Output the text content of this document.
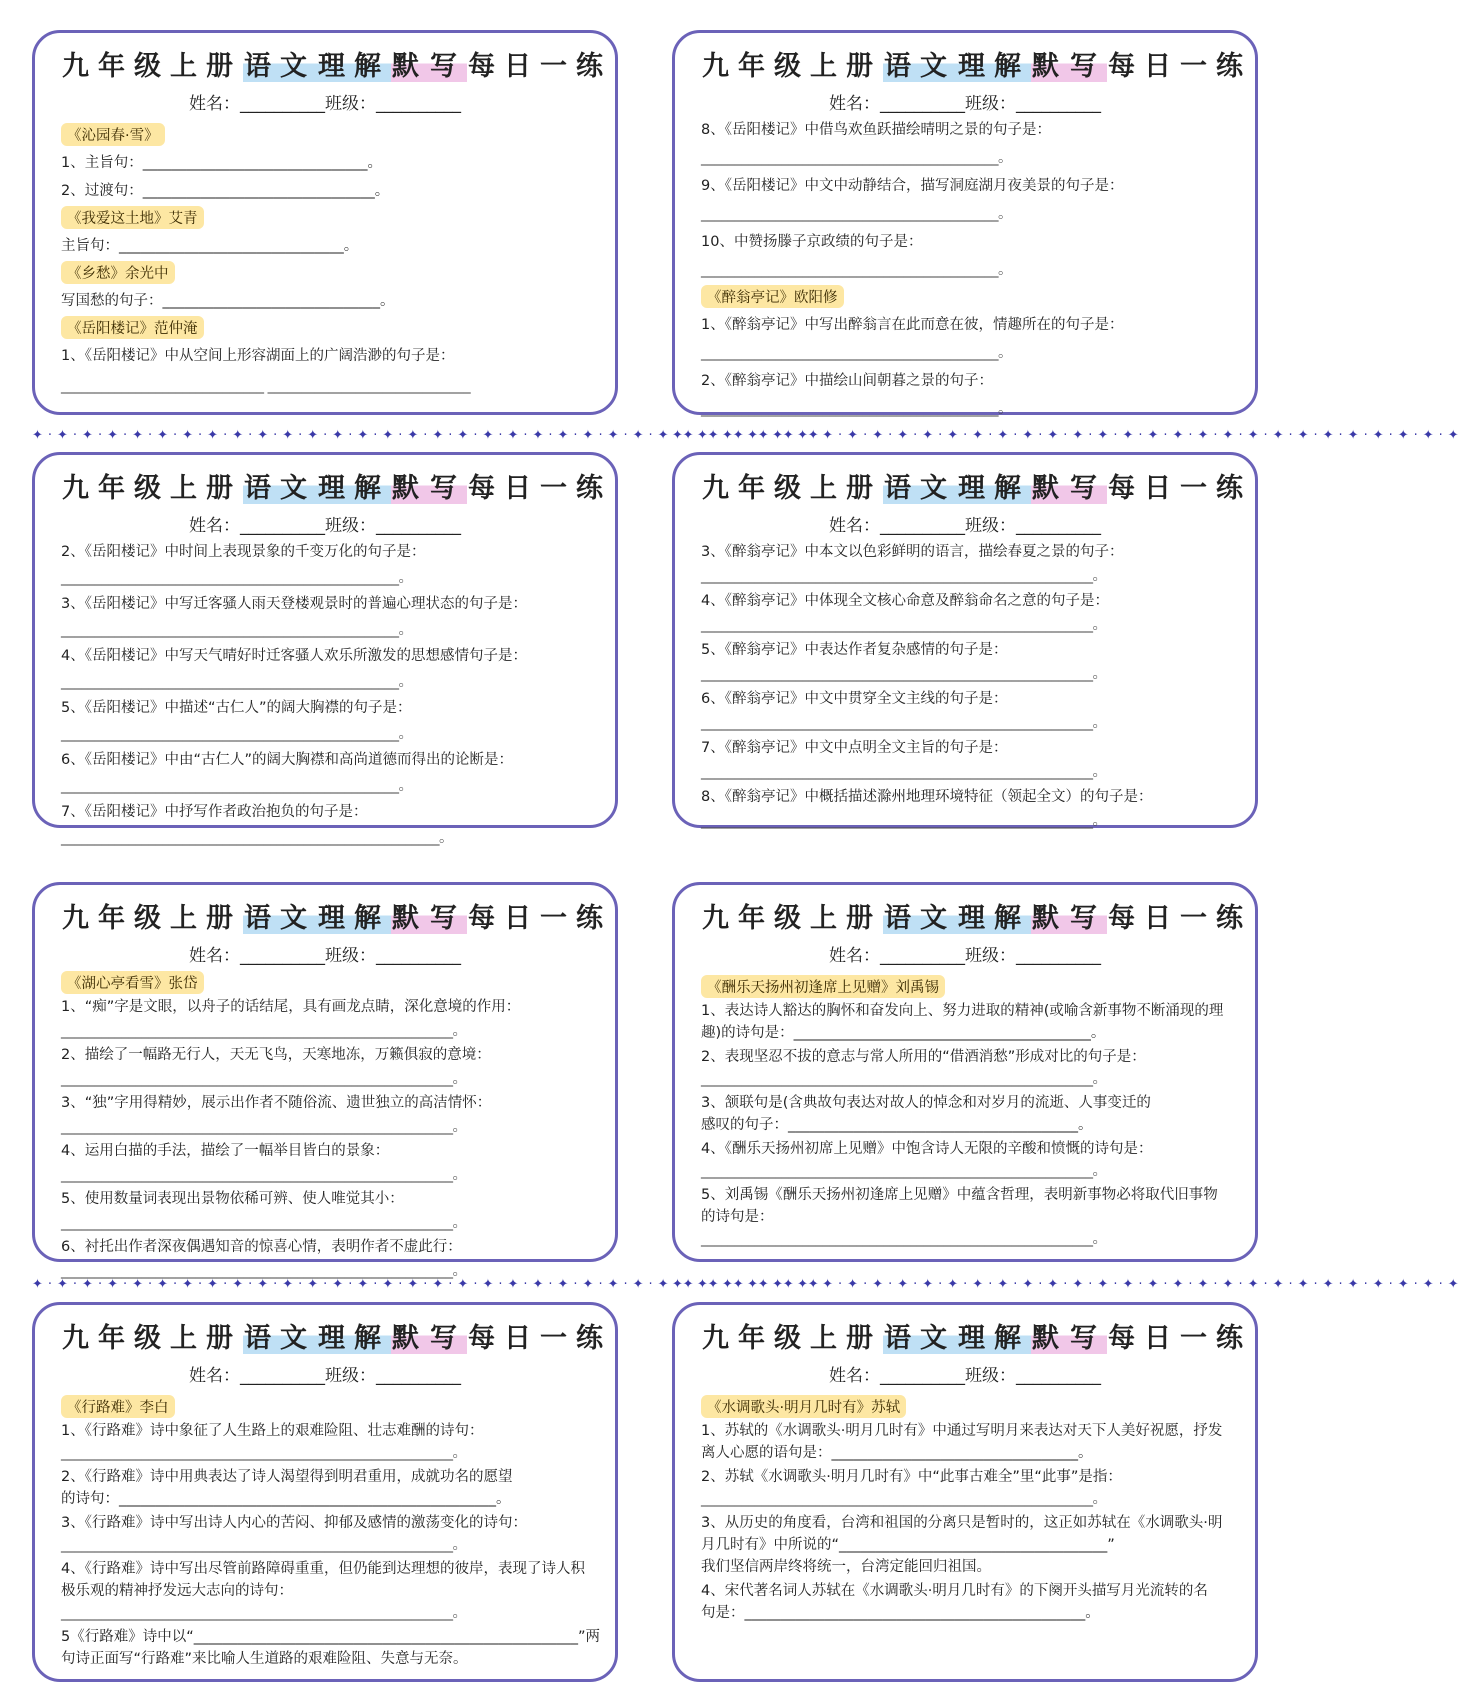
九年级上册语文理解默写每日一练
姓名：__________班级：__________
《沁园春·雪》
1、主旨句：_______________________________。
2、过渡句：________________________________。
《我爱这土地》艾青
主旨句：_______________________________。
《乡愁》余光中
写国愁的句子：______________________________。
《岳阳楼记》范仲淹
1、《岳阳楼记》中从空间上形容湖面上的广阔浩渺的句子是：
______________________________ ______________________________
九年级上册语文理解默写每日一练
姓名：__________班级：__________
8、《岳阳楼记》中借鸟欢鱼跃描绘晴明之景的句子是：
____________________________________________。
9、《岳阳楼记》中文中动静结合，描写洞庭湖月夜美景的句子是：
____________________________________________。
10、中赞扬滕子京政绩的句子是：
____________________________________________。
《醉翁亭记》欧阳修
1、《醉翁亭记》中写出醉翁言在此而意在彼，情趣所在的句子是：
____________________________________________。
2、《醉翁亭记》中描绘山间朝暮之景的句子：
____________________________________________。
✦·✦·✦·✦·✦·✦·✦·✦·✦·✦·✦·✦·✦·✦·✦·✦·✦·✦·✦·✦·✦·✦·✦·✦·✦·✦·✦·✦·✦·✦·✦·✦
✦·✦·✦·✦·✦·✦·✦·✦·✦·✦·✦·✦·✦·✦·✦·✦·✦·✦·✦·✦·✦·✦·✦·✦·✦·✦·✦·✦·✦·✦·✦·✦
九年级上册语文理解默写每日一练
姓名：__________班级：__________
2、《岳阳楼记》中时间上表现景象的千变万化的句子是：
__________________________________________________。
3、《岳阳楼记》中写迁客骚人雨天登楼观景时的普遍心理状态的句子是：
__________________________________________________。
4、《岳阳楼记》中写天气晴好时迁客骚人欢乐所激发的思想感情句子是：
__________________________________________________。
5、《岳阳楼记》中描述“古仁人”的阔大胸襟的句子是：
__________________________________________________。
6、《岳阳楼记》中由“古仁人”的阔大胸襟和高尚道德而得出的论断是：
__________________________________________________。
7、《岳阳楼记》中抒写作者政治抱负的句子是：
________________________________________________________。
九年级上册语文理解默写每日一练
姓名：__________班级：__________
3、《醉翁亭记》中本文以色彩鲜明的语言，描绘春夏之景的句子：
__________________________________________________________。
4、《醉翁亭记》中体现全文核心命意及醉翁命名之意的句子是：
__________________________________________________________。
5、《醉翁亭记》中表达作者复杂感情的句子是：
__________________________________________________________。
6、《醉翁亭记》中文中贯穿全文主线的句子是：
__________________________________________________________。
7、《醉翁亭记》中文中点明全文主旨的句子是：
__________________________________________________________。
8、《醉翁亭记》中概括描述滁州地理环境特征（领起全文）的句子是：
__________________________________________________________。
九年级上册语文理解默写每日一练
姓名：__________班级：__________
《湖心亭看雪》张岱
1、“痴”字是文眼，以舟子的话结尾，具有画龙点睛，深化意境的作用：
__________________________________________________________。
2、描绘了一幅路无行人，天无飞鸟，天寒地冻，万籁俱寂的意境：
__________________________________________________________。
3、“独”字用得精妙，展示出作者不随俗流、遗世独立的高洁情怀：
__________________________________________________________。
4、运用白描的手法，描绘了一幅举目皆白的景象：
__________________________________________________________。
5、使用数量词表现出景物依稀可辨、使人唯觉其小：
__________________________________________________________。
6、衬托出作者深夜偶遇知音的惊喜心情，表明作者不虚此行：
__________________________________________________________。
九年级上册语文理解默写每日一练
姓名：__________班级：__________
《酬乐天扬州初逢席上见赠》刘禹锡
1、表达诗人豁达的胸怀和奋发向上、努力进取的精神(或喻含新事物不断涌现的理趣)的诗句是：_________________________________________。
2、表现坚忍不拔的意志与常人所用的“借酒消愁”形成对比的句子是：
__________________________________________________________。
3、颔联句是(含典故句表达对故人的悼念和对岁月的流逝、人事变迁的
感叹的句子：________________________________________。
4、《酬乐天扬州初席上见赠》中饱含诗人无限的辛酸和愤慨的诗句是：
__________________________________________________________。
5、刘禹锡《酬乐天扬州初逢席上见赠》中蕴含哲理，表明新事物必将取代旧事物的诗句是：
__________________________________________________________。
✦·✦·✦·✦·✦·✦·✦·✦·✦·✦·✦·✦·✦·✦·✦·✦·✦·✦·✦·✦·✦·✦·✦·✦·✦·✦·✦·✦·✦·✦·✦·✦
✦·✦·✦·✦·✦·✦·✦·✦·✦·✦·✦·✦·✦·✦·✦·✦·✦·✦·✦·✦·✦·✦·✦·✦·✦·✦·✦·✦·✦·✦·✦·✦
九年级上册语文理解默写每日一练
姓名：__________班级：__________
《行路难》李白
1、《行路难》诗中象征了人生路上的艰难险阻、壮志难酬的诗句：
__________________________________________________________。
2、《行路难》诗中用典表达了诗人渴望得到明君重用，成就功名的愿望
的诗句：____________________________________________________。
3、《行路难》诗中写出诗人内心的苦闷、抑郁及感情的激荡变化的诗句：
__________________________________________________________。
4、《行路难》诗中写出尽管前路障碍重重，但仍能到达理想的彼岸，表现了诗人积极乐观的精神抒发远大志向的诗句：
__________________________________________________________。
5《行路难》诗中以“_____________________________________________________”两
句诗正面写“行路难”来比喻人生道路的艰难险阻、失意与无奈。
九年级上册语文理解默写每日一练
姓名：__________班级：__________
《水调歌头·明月几时有》苏轼
1、苏轼的《水调歌头·明月几时有》中通过写明月来表达对天下人美好祝愿，抒发离人心愿的语句是：__________________________________。
2、苏轼《水调歌头·明月几时有》中“此事古难全”里“此事”是指：
__________________________________________________________。
3、从历史的角度看，台湾和祖国的分离只是暂时的，这正如苏轼在《水调歌头·明月几时有》中所说的“_____________________________________”
我们坚信两岸终将统一，台湾定能回归祖国。
4、宋代著名词人苏轼在《水调歌头·明月几时有》的下阕开头描写月光流转的名
句是：_______________________________________________。
